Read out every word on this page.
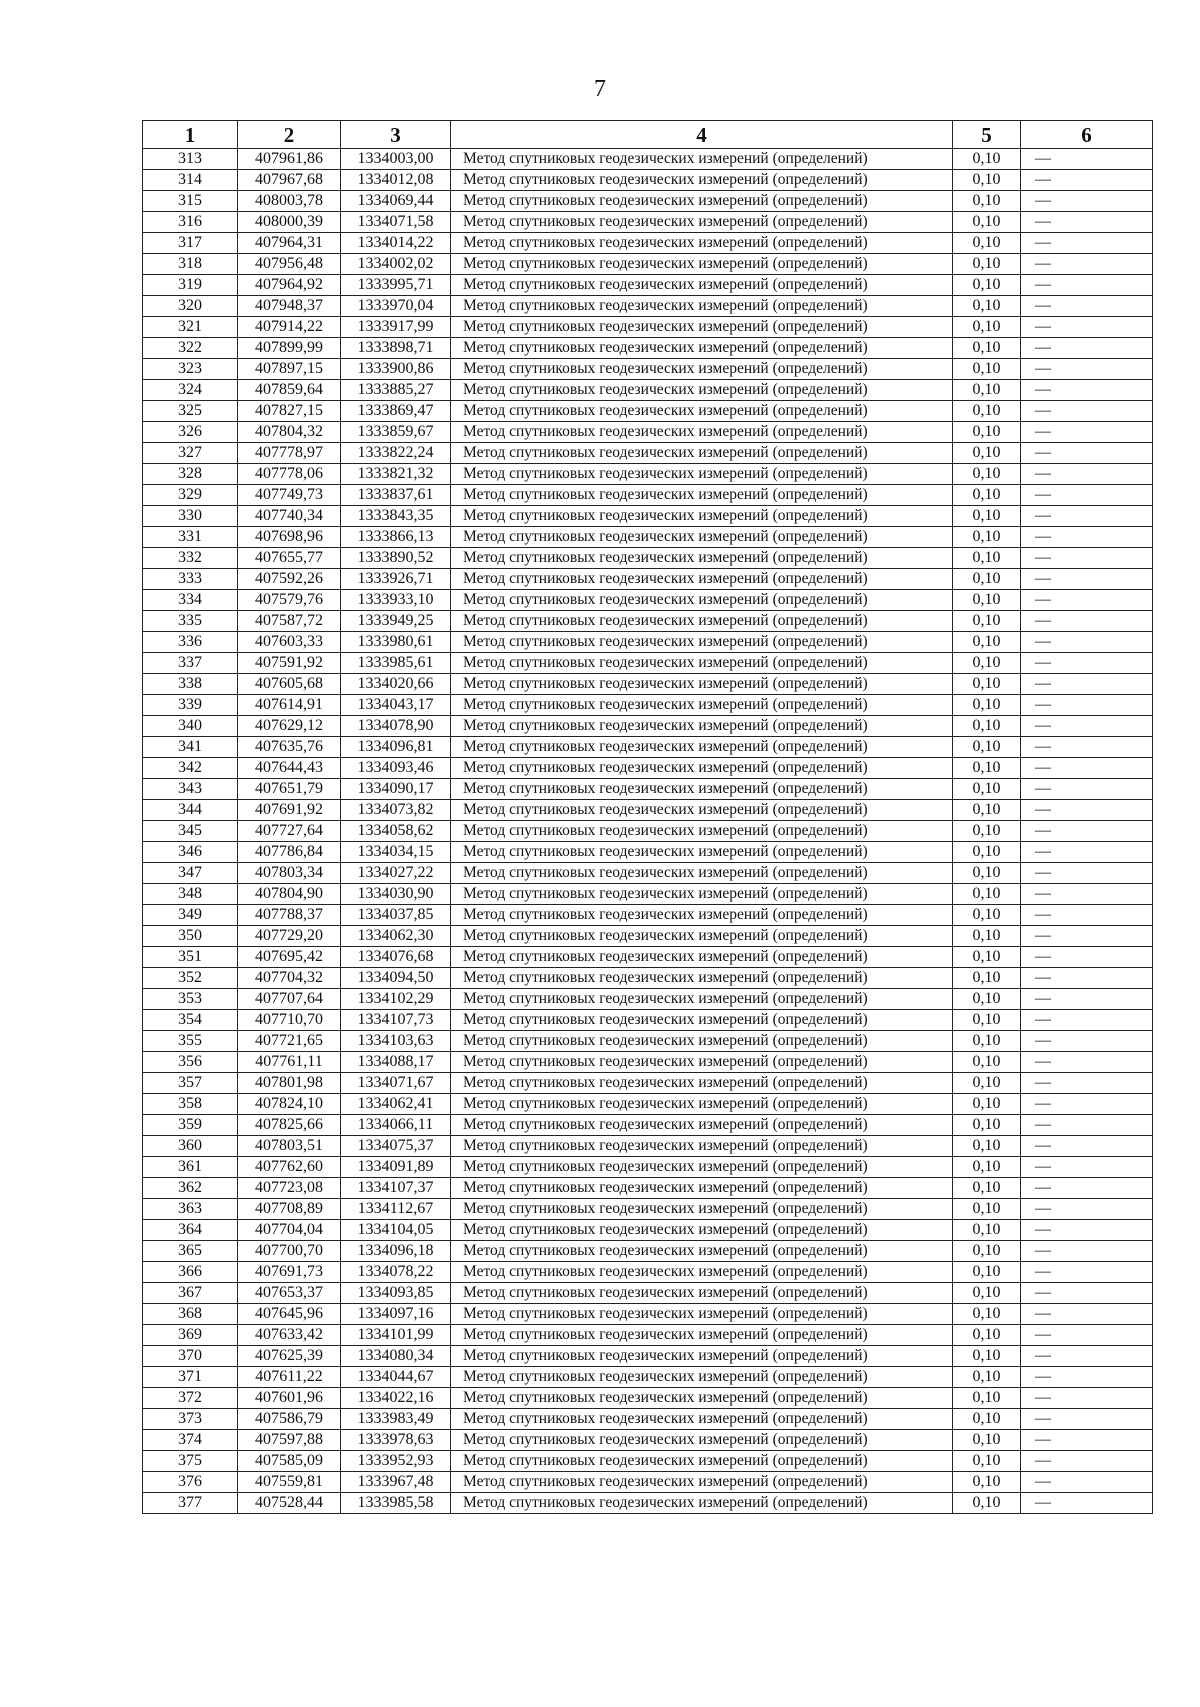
7
1	2	3	4	5	6
313	407961,86	1334003,00	Метод спутниковых геодезических измерений (определений)	0,10	—
314	407967,68	1334012,08	Метод спутниковых геодезических измерений (определений)	0,10	—
315	408003,78	1334069,44	Метод спутниковых геодезических измерений (определений)	0,10	—
316	408000,39	1334071,58	Метод спутниковых геодезических измерений (определений)	0,10	—
317	407964,31	1334014,22	Метод спутниковых геодезических измерений (определений)	0,10	—
318	407956,48	1334002,02	Метод спутниковых геодезических измерений (определений)	0,10	—
319	407964,92	1333995,71	Метод спутниковых геодезических измерений (определений)	0,10	—
320	407948,37	1333970,04	Метод спутниковых геодезических измерений (определений)	0,10	—
321	407914,22	1333917,99	Метод спутниковых геодезических измерений (определений)	0,10	—
322	407899,99	1333898,71	Метод спутниковых геодезических измерений (определений)	0,10	—
323	407897,15	1333900,86	Метод спутниковых геодезических измерений (определений)	0,10	—
324	407859,64	1333885,27	Метод спутниковых геодезических измерений (определений)	0,10	—
325	407827,15	1333869,47	Метод спутниковых геодезических измерений (определений)	0,10	—
326	407804,32	1333859,67	Метод спутниковых геодезических измерений (определений)	0,10	—
327	407778,97	1333822,24	Метод спутниковых геодезических измерений (определений)	0,10	—
328	407778,06	1333821,32	Метод спутниковых геодезических измерений (определений)	0,10	—
329	407749,73	1333837,61	Метод спутниковых геодезических измерений (определений)	0,10	—
330	407740,34	1333843,35	Метод спутниковых геодезических измерений (определений)	0,10	—
331	407698,96	1333866,13	Метод спутниковых геодезических измерений (определений)	0,10	—
332	407655,77	1333890,52	Метод спутниковых геодезических измерений (определений)	0,10	—
333	407592,26	1333926,71	Метод спутниковых геодезических измерений (определений)	0,10	—
334	407579,76	1333933,10	Метод спутниковых геодезических измерений (определений)	0,10	—
335	407587,72	1333949,25	Метод спутниковых геодезических измерений (определений)	0,10	—
336	407603,33	1333980,61	Метод спутниковых геодезических измерений (определений)	0,10	—
337	407591,92	1333985,61	Метод спутниковых геодезических измерений (определений)	0,10	—
338	407605,68	1334020,66	Метод спутниковых геодезических измерений (определений)	0,10	—
339	407614,91	1334043,17	Метод спутниковых геодезических измерений (определений)	0,10	—
340	407629,12	1334078,90	Метод спутниковых геодезических измерений (определений)	0,10	—
341	407635,76	1334096,81	Метод спутниковых геодезических измерений (определений)	0,10	—
342	407644,43	1334093,46	Метод спутниковых геодезических измерений (определений)	0,10	—
343	407651,79	1334090,17	Метод спутниковых геодезических измерений (определений)	0,10	—
344	407691,92	1334073,82	Метод спутниковых геодезических измерений (определений)	0,10	—
345	407727,64	1334058,62	Метод спутниковых геодезических измерений (определений)	0,10	—
346	407786,84	1334034,15	Метод спутниковых геодезических измерений (определений)	0,10	—
347	407803,34	1334027,22	Метод спутниковых геодезических измерений (определений)	0,10	—
348	407804,90	1334030,90	Метод спутниковых геодезических измерений (определений)	0,10	—
349	407788,37	1334037,85	Метод спутниковых геодезических измерений (определений)	0,10	—
350	407729,20	1334062,30	Метод спутниковых геодезических измерений (определений)	0,10	—
351	407695,42	1334076,68	Метод спутниковых геодезических измерений (определений)	0,10	—
352	407704,32	1334094,50	Метод спутниковых геодезических измерений (определений)	0,10	—
353	407707,64	1334102,29	Метод спутниковых геодезических измерений (определений)	0,10	—
354	407710,70	1334107,73	Метод спутниковых геодезических измерений (определений)	0,10	—
355	407721,65	1334103,63	Метод спутниковых геодезических измерений (определений)	0,10	—
356	407761,11	1334088,17	Метод спутниковых геодезических измерений (определений)	0,10	—
357	407801,98	1334071,67	Метод спутниковых геодезических измерений (определений)	0,10	—
358	407824,10	1334062,41	Метод спутниковых геодезических измерений (определений)	0,10	—
359	407825,66	1334066,11	Метод спутниковых геодезических измерений (определений)	0,10	—
360	407803,51	1334075,37	Метод спутниковых геодезических измерений (определений)	0,10	—
361	407762,60	1334091,89	Метод спутниковых геодезических измерений (определений)	0,10	—
362	407723,08	1334107,37	Метод спутниковых геодезических измерений (определений)	0,10	—
363	407708,89	1334112,67	Метод спутниковых геодезических измерений (определений)	0,10	—
364	407704,04	1334104,05	Метод спутниковых геодезических измерений (определений)	0,10	—
365	407700,70	1334096,18	Метод спутниковых геодезических измерений (определений)	0,10	—
366	407691,73	1334078,22	Метод спутниковых геодезических измерений (определений)	0,10	—
367	407653,37	1334093,85	Метод спутниковых геодезических измерений (определений)	0,10	—
368	407645,96	1334097,16	Метод спутниковых геодезических измерений (определений)	0,10	—
369	407633,42	1334101,99	Метод спутниковых геодезических измерений (определений)	0,10	—
370	407625,39	1334080,34	Метод спутниковых геодезических измерений (определений)	0,10	—
371	407611,22	1334044,67	Метод спутниковых геодезических измерений (определений)	0,10	—
372	407601,96	1334022,16	Метод спутниковых геодезических измерений (определений)	0,10	—
373	407586,79	1333983,49	Метод спутниковых геодезических измерений (определений)	0,10	—
374	407597,88	1333978,63	Метод спутниковых геодезических измерений (определений)	0,10	—
375	407585,09	1333952,93	Метод спутниковых геодезических измерений (определений)	0,10	—
376	407559,81	1333967,48	Метод спутниковых геодезических измерений (определений)	0,10	—
377	407528,44	1333985,58	Метод спутниковых геодезических измерений (определений)	0,10	—
